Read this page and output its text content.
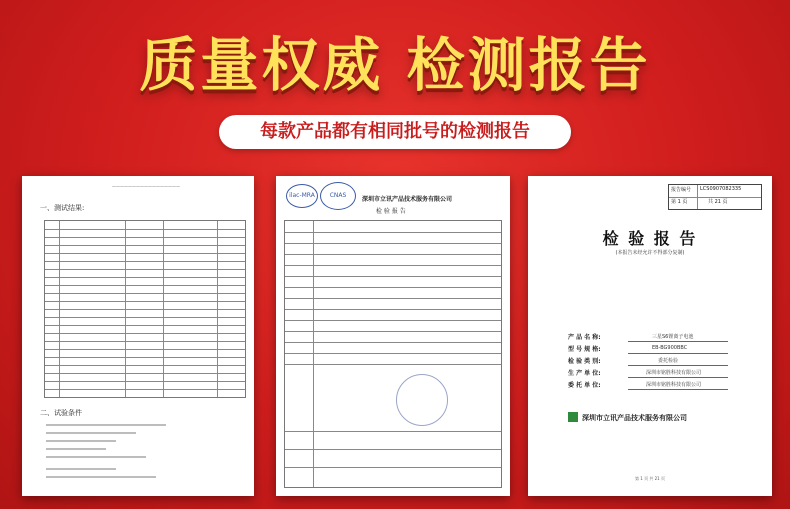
质量权威 检测报告
每款产品都有相同批号的检测报告
—————————————————
一、测试结果:
二、试验条件
ilac-MRA	CNAS
深圳市立讯产品技术服务有限公司
检 验 报 告
报告编号 LCS0907082335
第 1 页	共 21 页
检 验 报 告
(本报告未经允许不得部分复制)
产 品 名 称:	三星S6锂离子电池
型 号 规 格:	EB-BG900BBC
检 验 类 别:	委托检验
生 产 单 位:	深圳市铭胜科技有限公司
委 托 单 位:	深圳市铭胜科技有限公司
深圳市立讯产品技术服务有限公司
第 1 页 共 21 页
